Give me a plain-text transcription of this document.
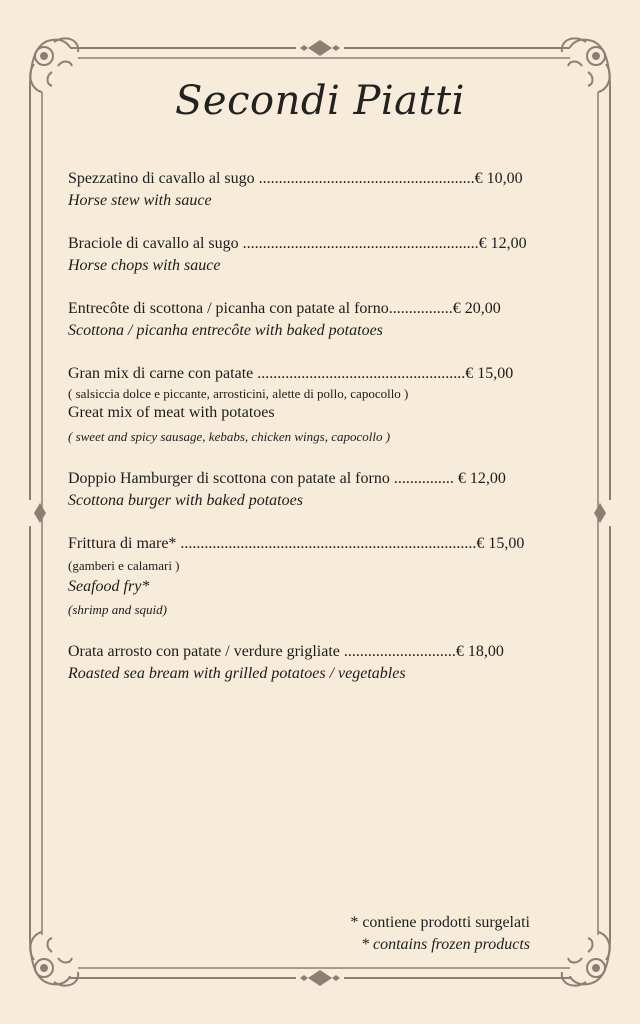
Secondi Piatti
Spezzatino di cavallo al sugo ......................................................€ 10,00
Horse stew with sauce
Braciole di cavallo al sugo ...........................................................€ 12,00
Horse chops with sauce
Entrecôte di scottona / picanha con patate al forno................€ 20,00
Scottona / picanha entrecôte with baked potatoes
Gran mix di carne con patate ....................................................€ 15,00
( salsiccia dolce e piccante, arrosticini, alette di pollo, capocollo )
Great mix of meat with potatoes
( sweet and spicy sausage, kebabs, chicken wings, capocollo )
Doppio Hamburger di scottona con patate al forno ............... € 12,00
Scottona burger with baked potatoes
Frittura di mare* ..........................................................................€ 15,00
(gamberi e calamari )
Seafood fry*
(shrimp and squid)
Orata arrosto con patate / verdure grigliate ............................€ 18,00
Roasted sea bream with grilled potatoes / vegetables
* contiene prodotti surgelati
* contains frozen products
